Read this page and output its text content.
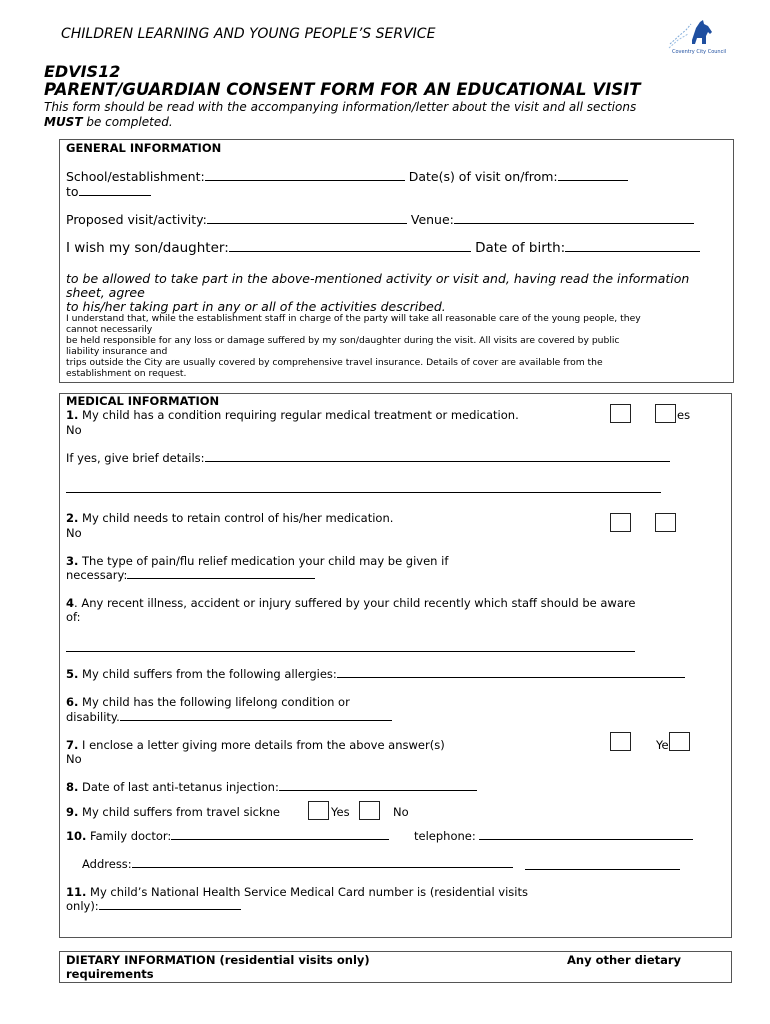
CHILDREN LEARNING AND YOUNG PEOPLE’S SERVICE
Coventry City Council
EDVIS12
PARENT/GUARDIAN CONSENT FORM FOR AN EDUCATIONAL VISIT
This form should be read with the accompanying information/letter about the visit and all sections
MUST be completed.
GENERAL INFORMATION
School/establishment:	Date(s) of visit on/from:
to
Proposed visit/activity:	Venue:
I wish my son/daughter:	Date of birth:
to be allowed to take part in the above-mentioned activity or visit and, having read the information
sheet, agree
to his/her taking part in any or all of the activities described.
I understand that, while the establishment staff in charge of the party will take all reasonable care of the young people, they
cannot necessarily
be held responsible for any loss or damage suffered by my son/daughter during the visit. All visits are covered by public
liability insurance and
trips outside the City are usually covered by comprehensive travel insurance. Details of cover are available from the
establishment on request.
MEDICAL INFORMATION
1. My child has a condition requiring regular medical treatment or medication.	es
No
If yes, give brief details:
2. My child needs to retain control of his/her medication.
No
3. The type of pain/flu relief medication your child may be given if
necessary:
4. Any recent illness, accident or injury suffered by your child recently which staff should be aware
of:
5. My child suffers from the following allergies:
6. My child has the following lifelong condition or
disability.
7. I enclose a letter giving more details from the above answer(s)	Ye
No
8. Date of last anti-tetanus injection:
9. My child suffers from travel sickne	Yes	No
10. Family doctor:	telephone:
Address:
11. My child’s National Health Service Medical Card number is (residential visits
only):
DIETARY INFORMATION (residential visits only)	Any other dietary
requirements
